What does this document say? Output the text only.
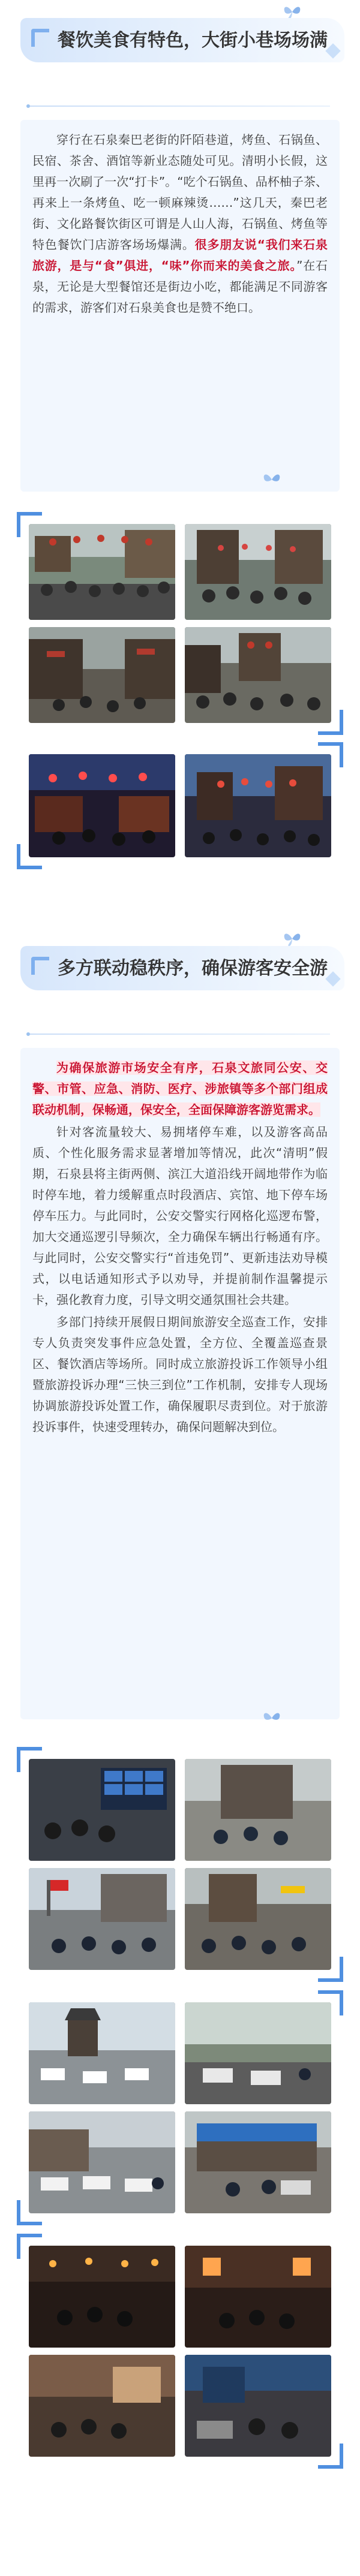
餐饮美食有特色，大街小巷场场满

穿行在石泉秦巴老街的阡陌巷道，烤鱼、石锅鱼、民宿、茶舍、酒馆等新业态随处可见。清明小长假，这里再一次刷了一次“打卡”。“吃个石锅鱼、品杯柚子茶、再来上一条烤鱼、吃一顿麻辣烫……”这几天，秦巴老街、文化路餐饮街区可谓是人山人海，石锅鱼、烤鱼等特色餐饮门店游客场场爆满。很多朋友说“我们来石泉旅游，是与“食”俱进，“味”你而来的美食之旅。”在石泉，无论是大型餐馆还是街边小吃，都能满足不同游客的需求，游客们对石泉美食也是赞不绝口。

多方联动稳秩序，确保游客安全游

为确保旅游市场安全有序，石泉文旅同公安、交警、市管、应急、消防、医疗、涉旅镇等多个部门组成联动机制，保畅通，保安全，全面保障游客游览需求。

针对客流量较大、易拥堵停车难，以及游客高品质、个性化服务需求显著增加等情况，此次“清明”假期，石泉县将主街两侧、滨江大道沿线开阔地带作为临时停车地，着力缓解重点时段酒店、宾馆、地下停车场停车压力。与此同时，公安交警实行网格化巡逻布警，加大交通巡逻引导频次，全力确保车辆出行畅通有序。与此同时，公安交警实行“首违免罚”、更新违法劝导模式，以电话通知形式予以劝导，并提前制作温馨提示卡，强化教育力度，引导文明交通氛围社会共建。

多部门持续开展假日期间旅游安全巡查工作，安排专人负责突发事件应急处置，全方位、全覆盖巡查景区、餐饮酒店等场所。同时成立旅游投诉工作领导小组暨旅游投诉办理“三快三到位”工作机制，安排专人现场协调旅游投诉处置工作，确保履职尽责到位。对于旅游投诉事件，快速受理转办，确保问题解决到位。
